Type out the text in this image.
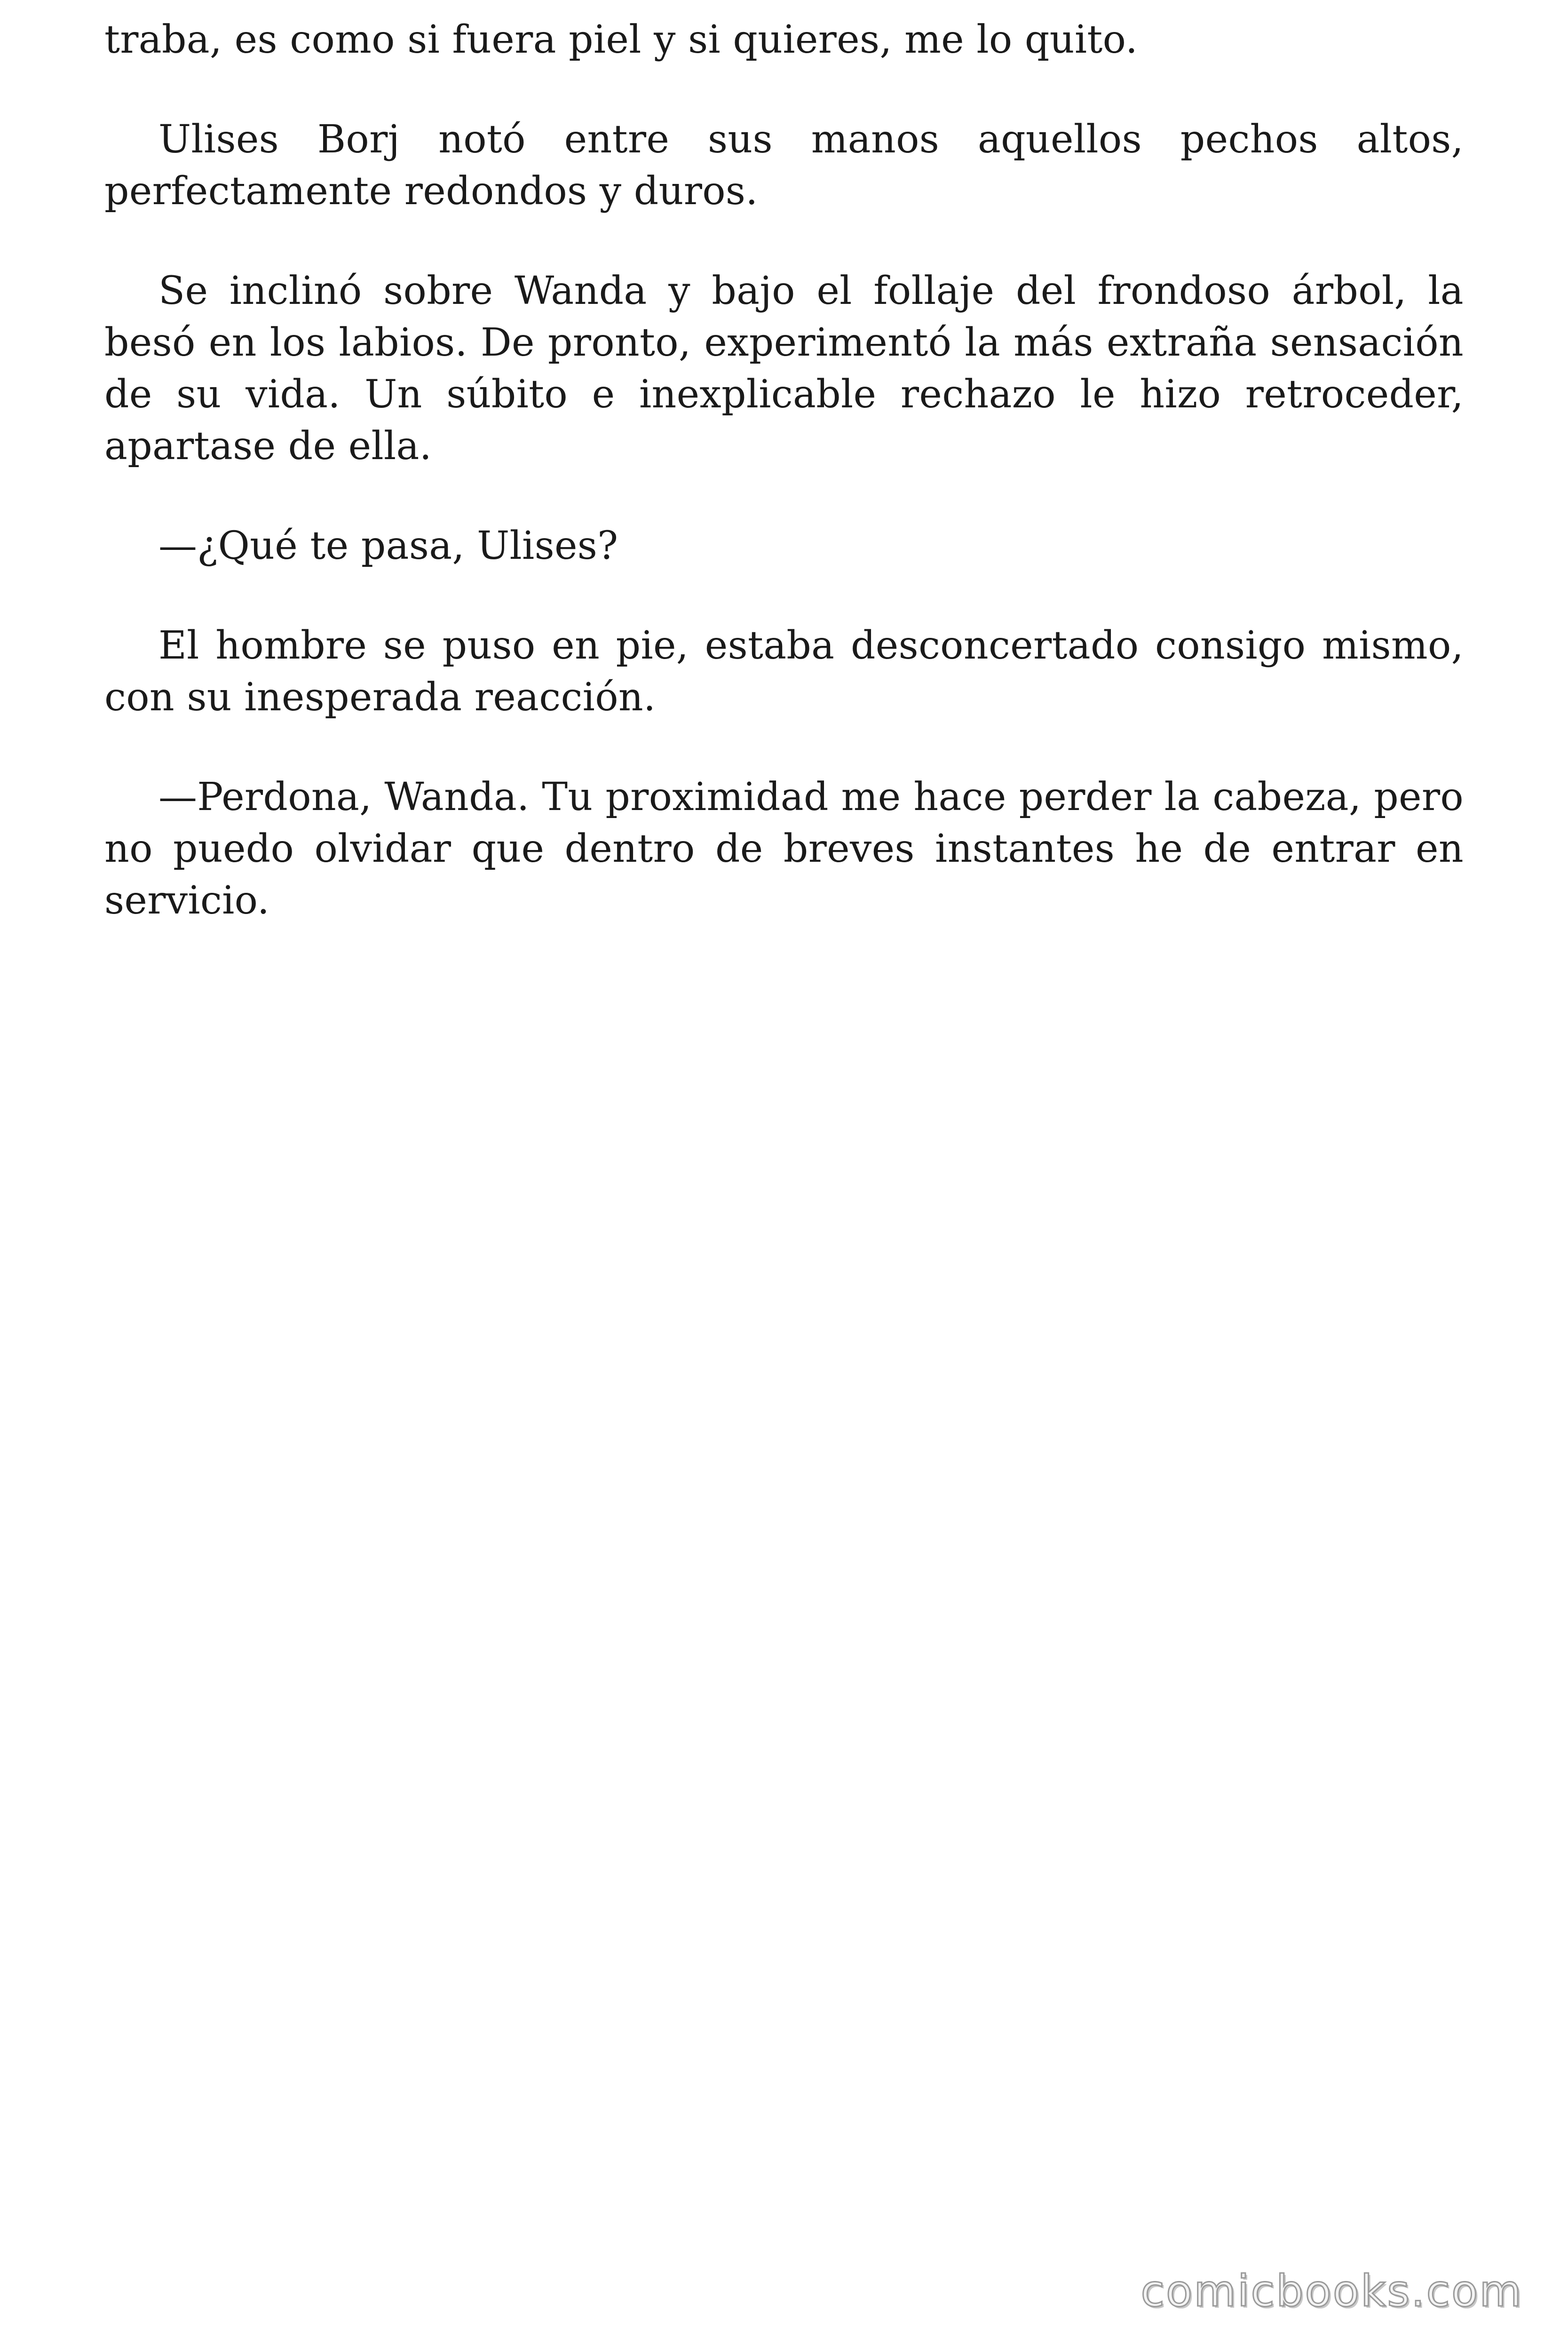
traba, es como si fuera piel y si quieres, me lo quito.

Ulises Borj notó entre sus manos aquellos pechos altos, perfectamente redondos y duros.

Se inclinó sobre Wanda y bajo el follaje del frondoso árbol, la besó en los labios. De pronto, experimentó la más extraña sensación de su vida. Un súbito e inexplicable rechazo le hizo retroceder, apartase de ella.

—¿Qué te pasa, Ulises?

El hombre se puso en pie, estaba desconcertado consigo mismo, con su inesperada reacción.

—Perdona, Wanda. Tu proximidad me hace perder la cabeza, pero no puedo olvidar que dentro de breves instantes he de entrar en servicio.

comicbooks.com
